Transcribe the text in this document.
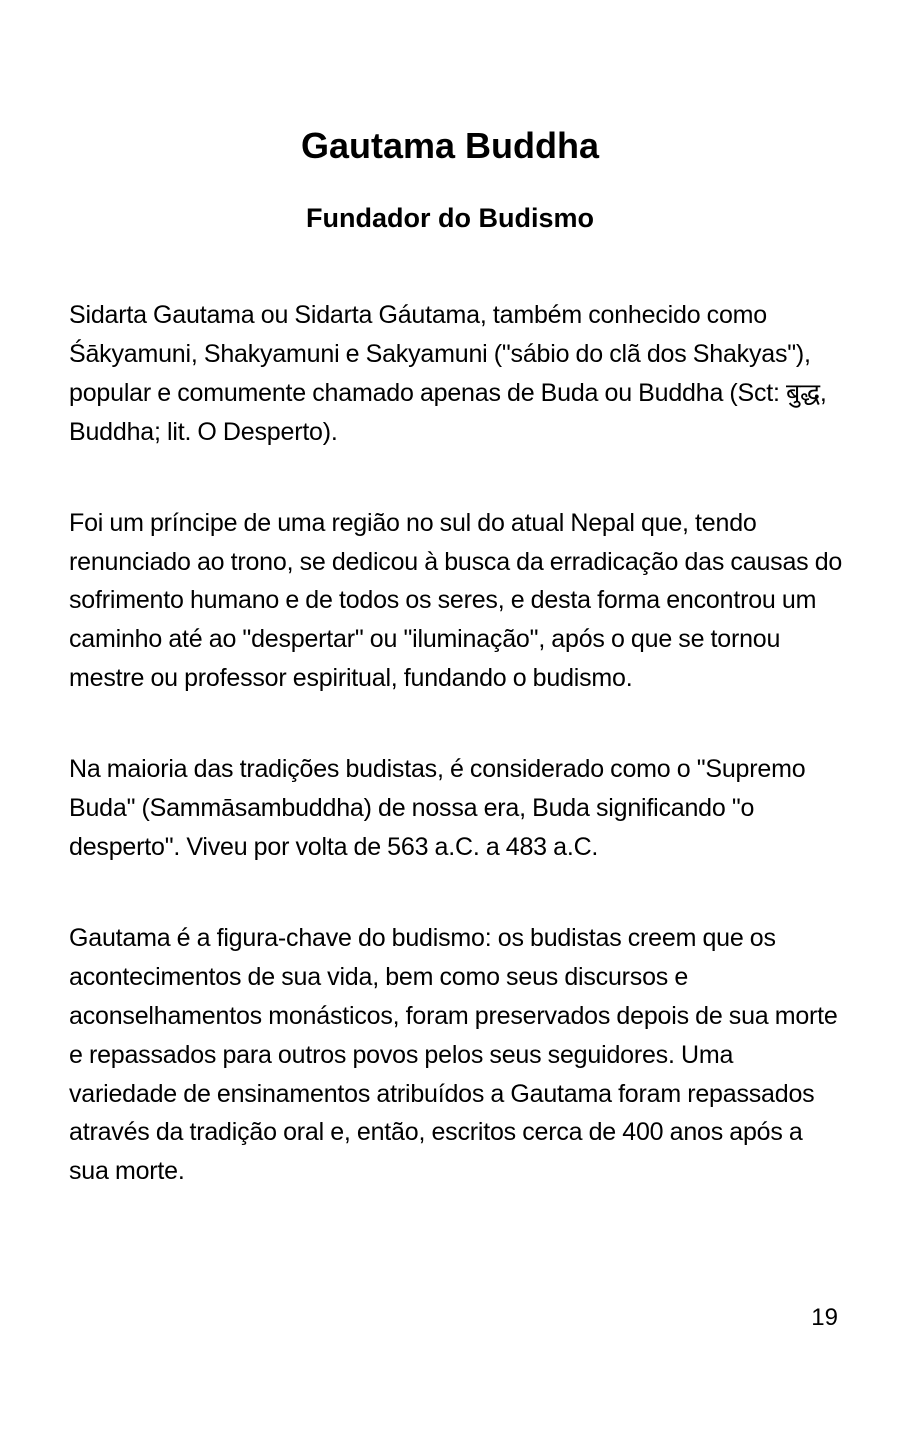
Gautama Buddha
Fundador do Budismo

Sidarta Gautama ou Sidarta Gáutama, também conhecido como Śākyamuni, Shakyamuni e Sakyamuni ("sábio do clã dos Shakyas"), popular e comumente chamado apenas de Buda ou Buddha (Sct: बुद्ध, Buddha; lit. O Desperto).

Foi um príncipe de uma região no sul do atual Nepal que, tendo renunciado ao trono, se dedicou à busca da erradicação das causas do sofrimento humano e de todos os seres, e desta forma encontrou um caminho até ao "despertar" ou "iluminação", após o que se tornou mestre ou professor espiritual, fundando o budismo.

Na maioria das tradições budistas, é considerado como o "Supremo Buda" (Sammāsambuddha) de nossa era, Buda significando "o desperto". Viveu por volta de 563 a.C. a 483 a.C.

Gautama é a figura-chave do budismo: os budistas creem que os acontecimentos de sua vida, bem como seus discursos e aconselhamentos monásticos, foram preservados depois de sua morte e repassados para outros povos pelos seus seguidores. Uma variedade de ensinamentos atribuídos a Gautama foram repassados através da tradição oral e, então, escritos cerca de 400 anos após a sua morte.

19
